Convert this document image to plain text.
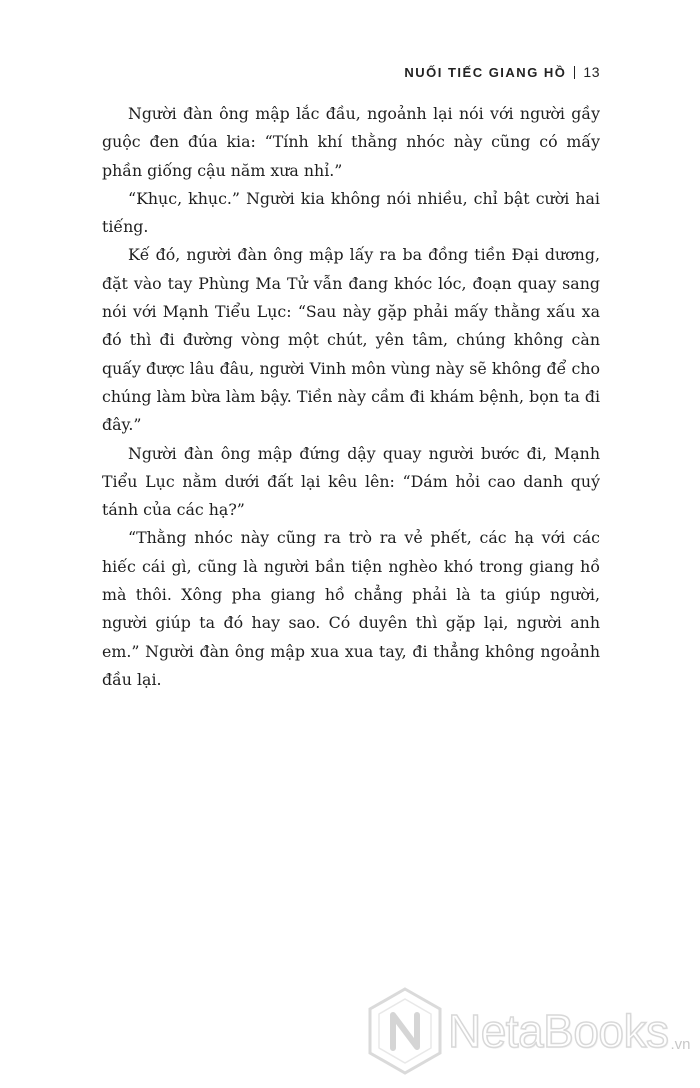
NUỐI TIẾC GIANG HỒ 13

Người đàn ông mập lắc đầu, ngoảnh lại nói với người gầy guộc đen đúa kia: “Tính khí thằng nhóc này cũng có mấy phần giống cậu năm xưa nhỉ.”

“Khục, khục.” Người kia không nói nhiều, chỉ bật cười hai tiếng.

Kế đó, người đàn ông mập lấy ra ba đồng tiền Đại dương, đặt vào tay Phùng Ma Tử vẫn đang khóc lóc, đoạn quay sang nói với Mạnh Tiểu Lục: “Sau này gặp phải mấy thằng xấu xa đó thì đi đường vòng một chút, yên tâm, chúng không càn quấy được lâu đâu, người Vinh môn vùng này sẽ không để cho chúng làm bừa làm bậy. Tiền này cầm đi khám bệnh, bọn ta đi đây.”

Người đàn ông mập đứng dậy quay người bước đi, Mạnh Tiểu Lục nằm dưới đất lại kêu lên: “Dám hỏi cao danh quý tánh của các hạ?”

“Thằng nhóc này cũng ra trò ra vẻ phết, các hạ với các hiếc cái gì, cũng là người bần tiện nghèo khó trong giang hồ mà thôi. Xông pha giang hồ chẳng phải là ta giúp người, người giúp ta đó hay sao. Có duyên thì gặp lại, người anh em.” Người đàn ông mập xua xua tay, đi thẳng không ngoảnh đầu lại.

NetaBooks .vn
